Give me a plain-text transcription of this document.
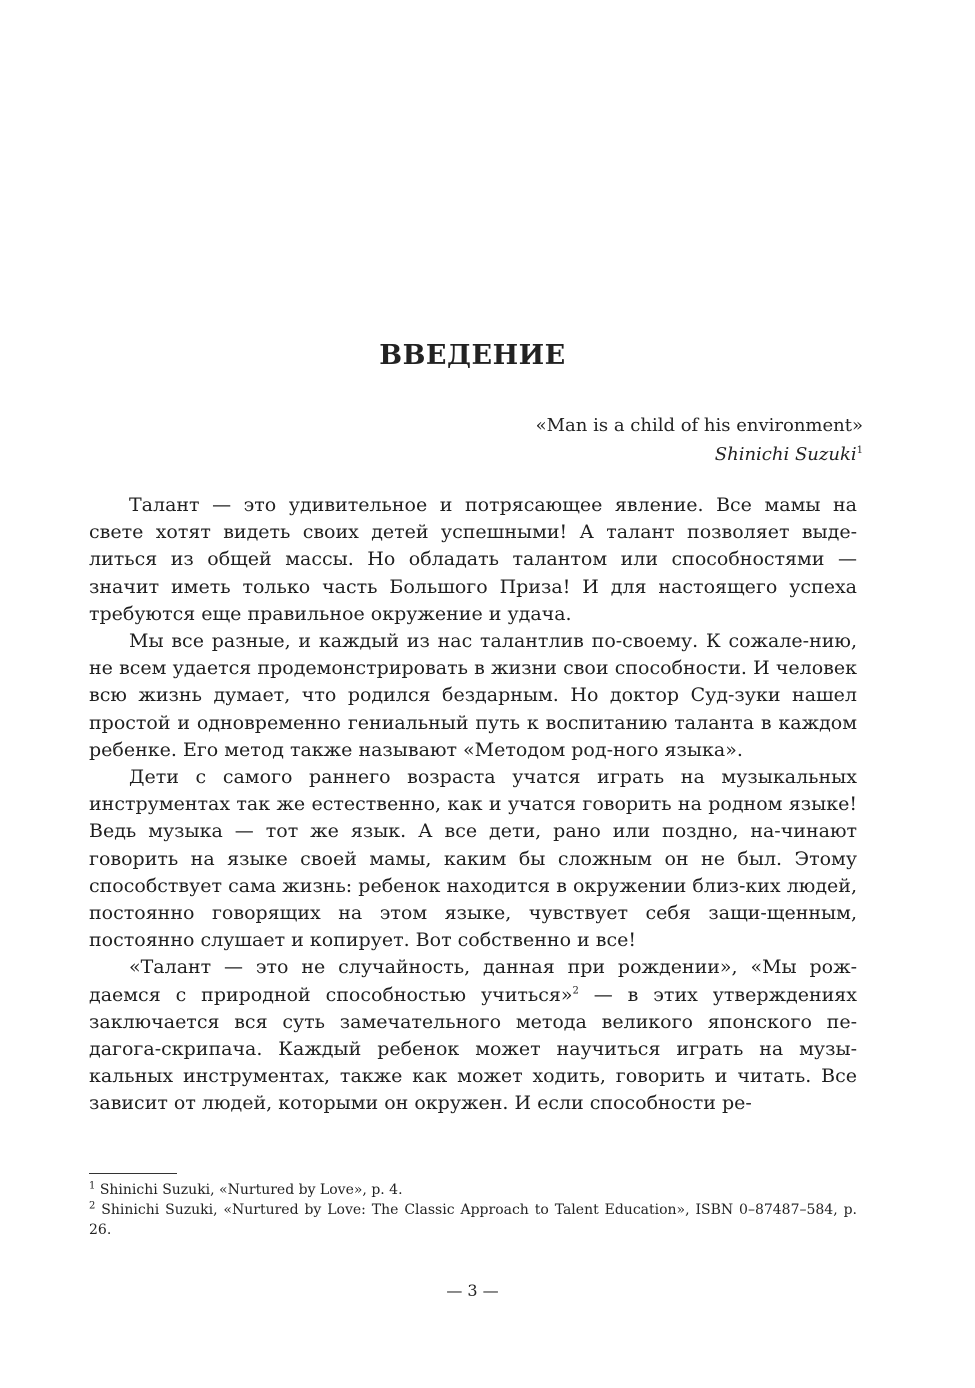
ВВЕДЕНИЕ
«Man is a child of his environment»
Shinichi Suzuki$^1$

Талант — это удивительное и потрясающее явление. Все мамы на свете хотят видеть своих детей успешными! А талант позволяет выде-литься из общей массы. Но обладать талантом или способностями — значит иметь только часть Большого Приза! И для настоящего успеха требуются еще правильное окружение и удача.

Мы все разные, и каждый из нас талантлив по-своему. К сожале-нию, не всем удается продемонстрировать в жизни свои способности. И человек всю жизнь думает, что родился бездарным. Но доктор Суд-зуки нашел простой и одновременно гениальный путь к воспитанию таланта в каждом ребенке. Его метод также называют «Методом род-ного языка».

Дети с самого раннего возраста учатся играть на музыкальных инструментах так же естественно, как и учатся говорить на родном языке! Ведь музыка — тот же язык. А все дети, рано или поздно, на-чинают говорить на языке своей мамы, каким бы сложным он не был. Этому способствует сама жизнь: ребенок находится в окружении близ-ких людей, постоянно говорящих на этом языке, чувствует себя защи-щенным, постоянно слушает и копирует. Вот собственно и все!

«Талант — это не случайность, данная при рождении», «Мы рож-даемся с природной способностью учиться»$^2$ — в этих утверждениях заключается вся суть замечательного метода великого японского пе-дагога-скрипача. Каждый ребенок может научиться играть на музы-кальных инструментах, также как может ходить, говорить и читать. Все зависит от людей, которыми он окружен. И если способности ре-

$^1$ Shinichi Suzuki, «Nurtured by Love», p. 4.

$^2$ Shinichi Suzuki, «Nurtured by Love: The Classic Approach to Talent Education», ISBN 0–87487–584, p. 26.

— 3 —
